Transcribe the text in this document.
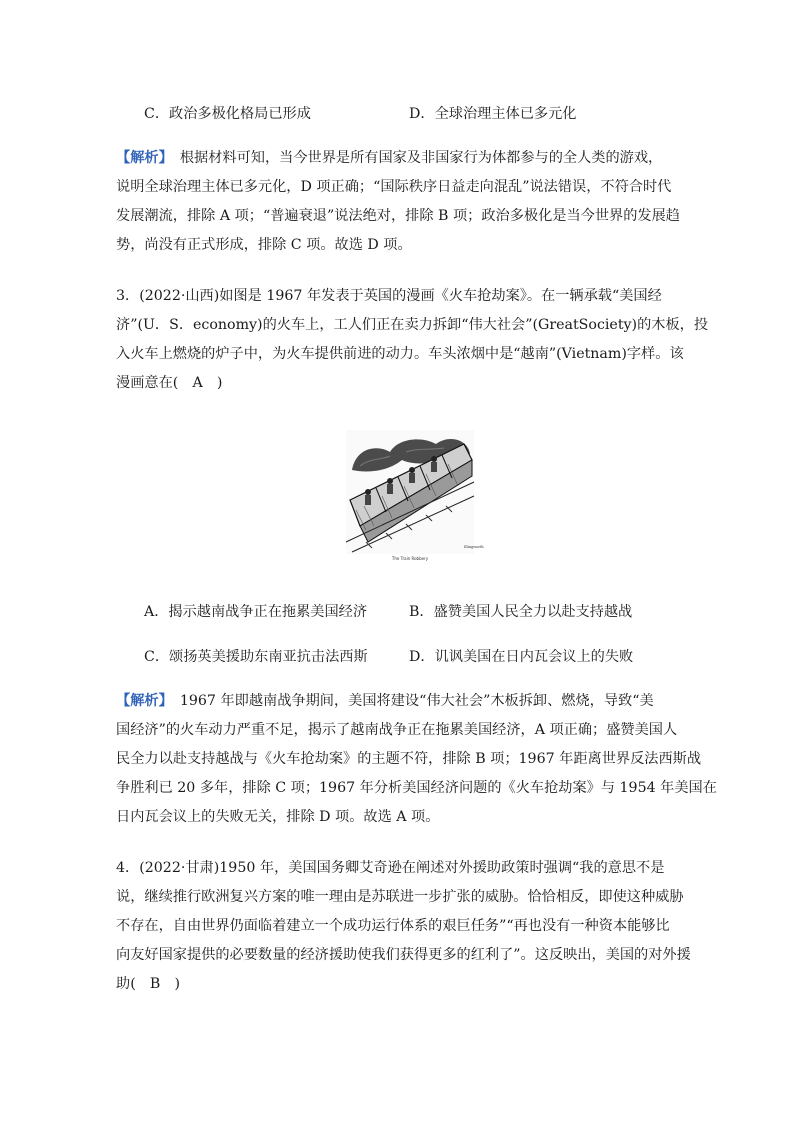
C．政治多极化格局已形成	D．全球治理主体已多元化
【解析】　根据材料可知，当今世界是所有国家及非国家行为体都参与的全人类的游戏，
说明全球治理主体已多元化，D 项正确；“国际秩序日益走向混乱”说法错误，不符合时代
发展潮流，排除 A 项；“普遍衰退”说法绝对，排除 B 项；政治多极化是当今世界的发展趋
势，尚没有正式形成，排除 C 项。故选 D 项。
3．(2022·山西)如图是 1967 年发表于英国的漫画《火车抢劫案》。在一辆承载“美国经
济”(U．S．economy)的火车上，工人们正在卖力拆卸“伟大社会”(GreatSociety)的木板，投
入火车上燃烧的炉子中，为火车提供前进的动力。车头浓烟中是“越南”(Vietnam)字样。该
漫画意在(　A　)
Illingworth
The Train Robbery
A．揭示越南战争正在拖累美国经济	B．盛赞美国人民全力以赴支持越战
C．颂扬英美援助东南亚抗击法西斯	D．讥讽美国在日内瓦会议上的失败
【解析】　1967 年即越南战争期间，美国将建设“伟大社会”木板拆卸、燃烧，导致“美
国经济”的火车动力严重不足，揭示了越南战争正在拖累美国经济，A 项正确；盛赞美国人
民全力以赴支持越战与《火车抢劫案》的主题不符，排除 B 项；1967 年距离世界反法西斯战
争胜利已 20 多年，排除 C 项；1967 年分析美国经济问题的《火车抢劫案》与 1954 年美国在
日内瓦会议上的失败无关，排除 D 项。故选 A 项。
4．(2022·甘肃)1950 年，美国国务卿艾奇逊在阐述对外援助政策时强调“我的意思不是
说，继续推行欧洲复兴方案的唯一理由是苏联进一步扩张的威胁。恰恰相反，即使这种威胁
不存在，自由世界仍面临着建立一个成功运行体系的艰巨任务”“再也没有一种资本能够比
向友好国家提供的必要数量的经济援助使我们获得更多的红利了”。这反映出，美国的对外援
助(　B　)
